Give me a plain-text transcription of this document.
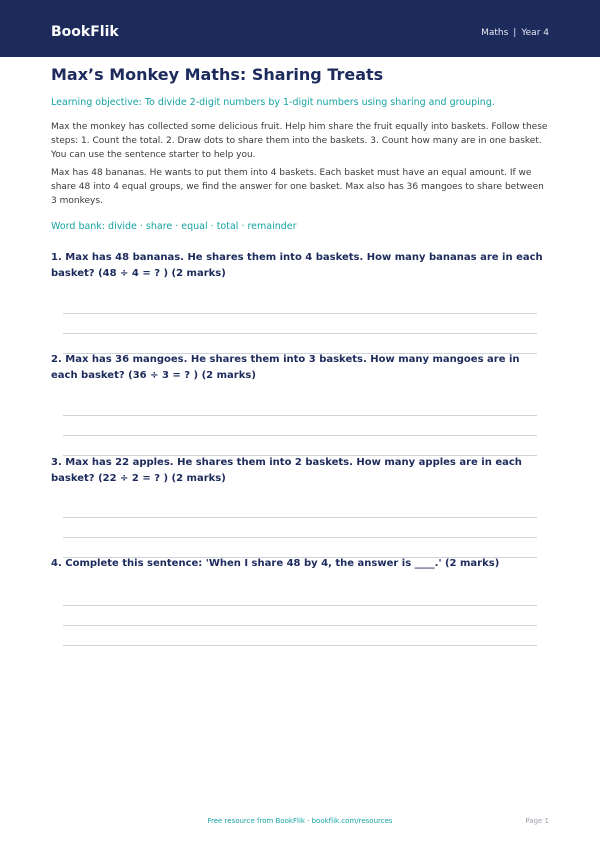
BookFlik	Maths | Year 4
Max’s Monkey Maths: Sharing Treats
Learning objective: To divide 2-digit numbers by 1-digit numbers using sharing and grouping.
Max the monkey has collected some delicious fruit. Help him share the fruit equally into baskets. Follow these steps: 1. Count the total. 2. Draw dots to share them into the baskets. 3. Count how many are in one basket. You can use the sentence starter to help you.
Max has 48 bananas. He wants to put them into 4 baskets. Each basket must have an equal amount. If we share 48 into 4 equal groups, we find the answer for one basket. Max also has 36 mangoes to share between 3 monkeys.
Word bank: divide · share · equal · total · remainder
1. Max has 48 bananas. He shares them into 4 baskets. How many bananas are in each basket? (48 ÷ 4 = ? ) (2 marks)
2. Max has 36 mangoes. He shares them into 3 baskets. How many mangoes are in each basket? (36 ÷ 3 = ? ) (2 marks)
3. Max has 22 apples. He shares them into 2 baskets. How many apples are in each basket? (22 ÷ 2 = ? ) (2 marks)
4. Complete this sentence: 'When I share 48 by 4, the answer is ____.' (2 marks)
Free resource from BookFlik · bookflik.com/resources	Page 1
